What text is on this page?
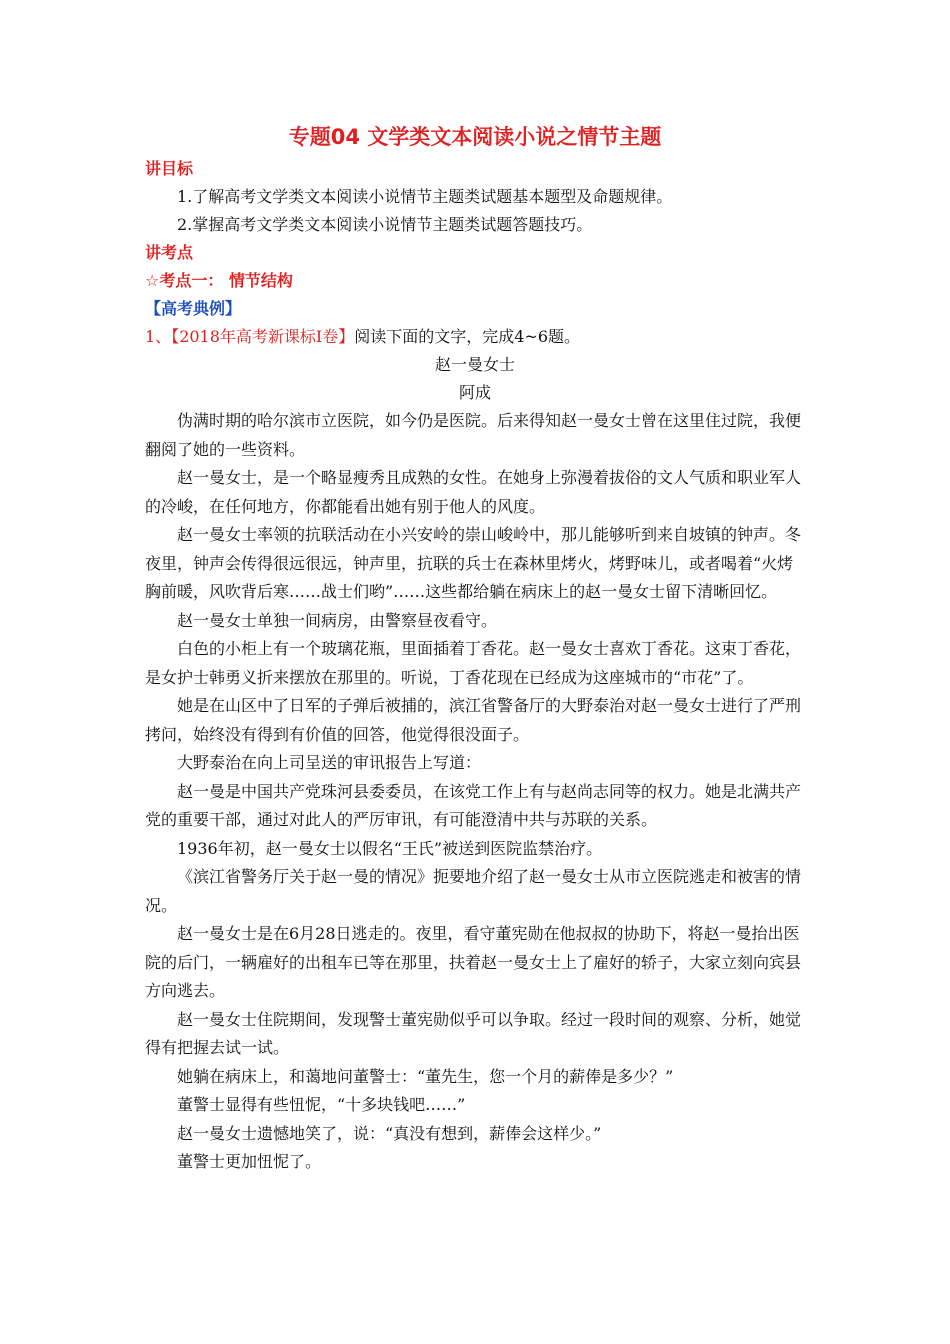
专题04 文学类文本阅读小说之情节主题
讲目标
1.了解高考文学类文本阅读小说情节主题类试题基本题型及命题规律。
2.掌握高考文学类文本阅读小说情节主题类试题答题技巧。
讲考点
☆考点一： 情节结构
【高考典例】
1、【2018年高考新课标Ⅰ卷】阅读下面的文字，完成4~6题。
赵一曼女士
阿成

伪满时期的哈尔滨市立医院，如今仍是医院。后来得知赵一曼女士曾在这里住过院，我便翻阅了她的一些资料。

赵一曼女士，是一个略显瘦秀且成熟的女性。在她身上弥漫着拔俗的文人气质和职业军人的冷峻，在任何地方，你都能看出她有别于他人的风度。

赵一曼女士率领的抗联活动在小兴安岭的崇山峻岭中，那儿能够听到来自坡镇的钟声。冬夜里，钟声会传得很远很远，钟声里，抗联的兵士在森林里烤火，烤野味儿，或者喝着“火烤胸前暖，风吹背后寒……战士们哟”……这些都给躺在病床上的赵一曼女士留下清晰回忆。

赵一曼女士单独一间病房，由警察昼夜看守。

白色的小柜上有一个玻璃花瓶，里面插着丁香花。赵一曼女士喜欢丁香花。这束丁香花，是女护士韩勇义折来摆放在那里的。听说，丁香花现在已经成为这座城市的“市花”了。

她是在山区中了日军的子弹后被捕的，滨江省警备厅的大野泰治对赵一曼女士进行了严刑拷问，始终没有得到有价值的回答，他觉得很没面子。

大野泰治在向上司呈送的审讯报告上写道：

赵一曼是中国共产党珠河县委委员，在该党工作上有与赵尚志同等的权力。她是北满共产党的重要干部，通过对此人的严厉审讯，有可能澄清中共与苏联的关系。

1936年初，赵一曼女士以假名“王氏”被送到医院监禁治疗。

《滨江省警务厅关于赵一曼的情况》扼要地介绍了赵一曼女士从市立医院逃走和被害的情况。

赵一曼女士是在6月28日逃走的。夜里，看守董宪勋在他叔叔的协助下，将赵一曼抬出医院的后门，一辆雇好的出租车已等在那里，扶着赵一曼女士上了雇好的轿子，大家立刻向宾县方向逃去。

赵一曼女士住院期间，发现警士董宪勋似乎可以争取。经过一段时间的观察、分析，她觉得有把握去试一试。

她躺在病床上，和蔼地问董警士：“董先生，您一个月的薪俸是多少？”

董警士显得有些忸怩，“十多块钱吧……”

赵一曼女士遗憾地笑了，说：“真没有想到，薪俸会这样少。”

董警士更加忸怩了。
